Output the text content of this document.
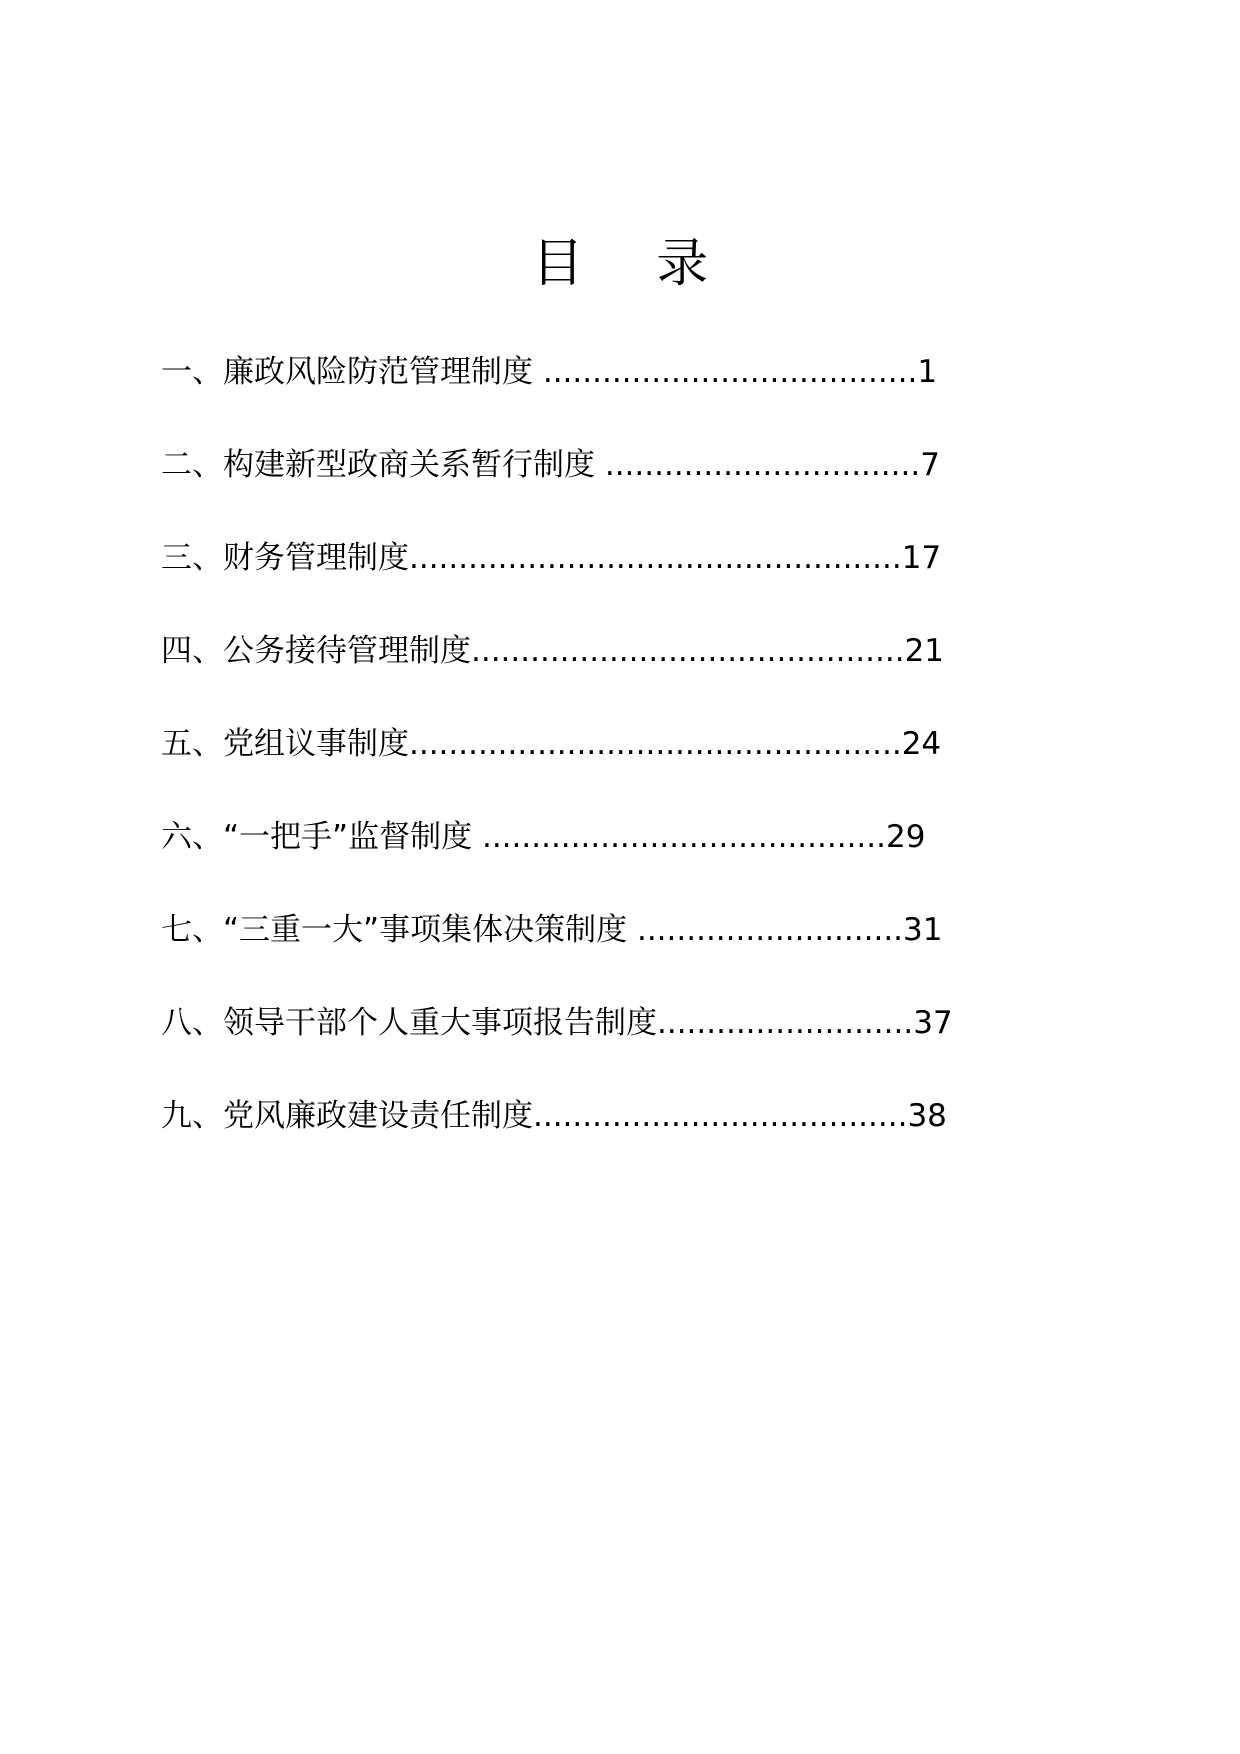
目 录
一、廉政风险防范管理制度 ......................................1
二、构建新型政商关系暂行制度 ................................7
三、财务管理制度..................................................17
四、公务接待管理制度............................................21
五、党组议事制度..................................................24
六、“一把手”监督制度 .........................................29
七、“三重一大”事项集体决策制度 ...........................31
八、领导干部个人重大事项报告制度..........................37
九、党风廉政建设责任制度......................................38
